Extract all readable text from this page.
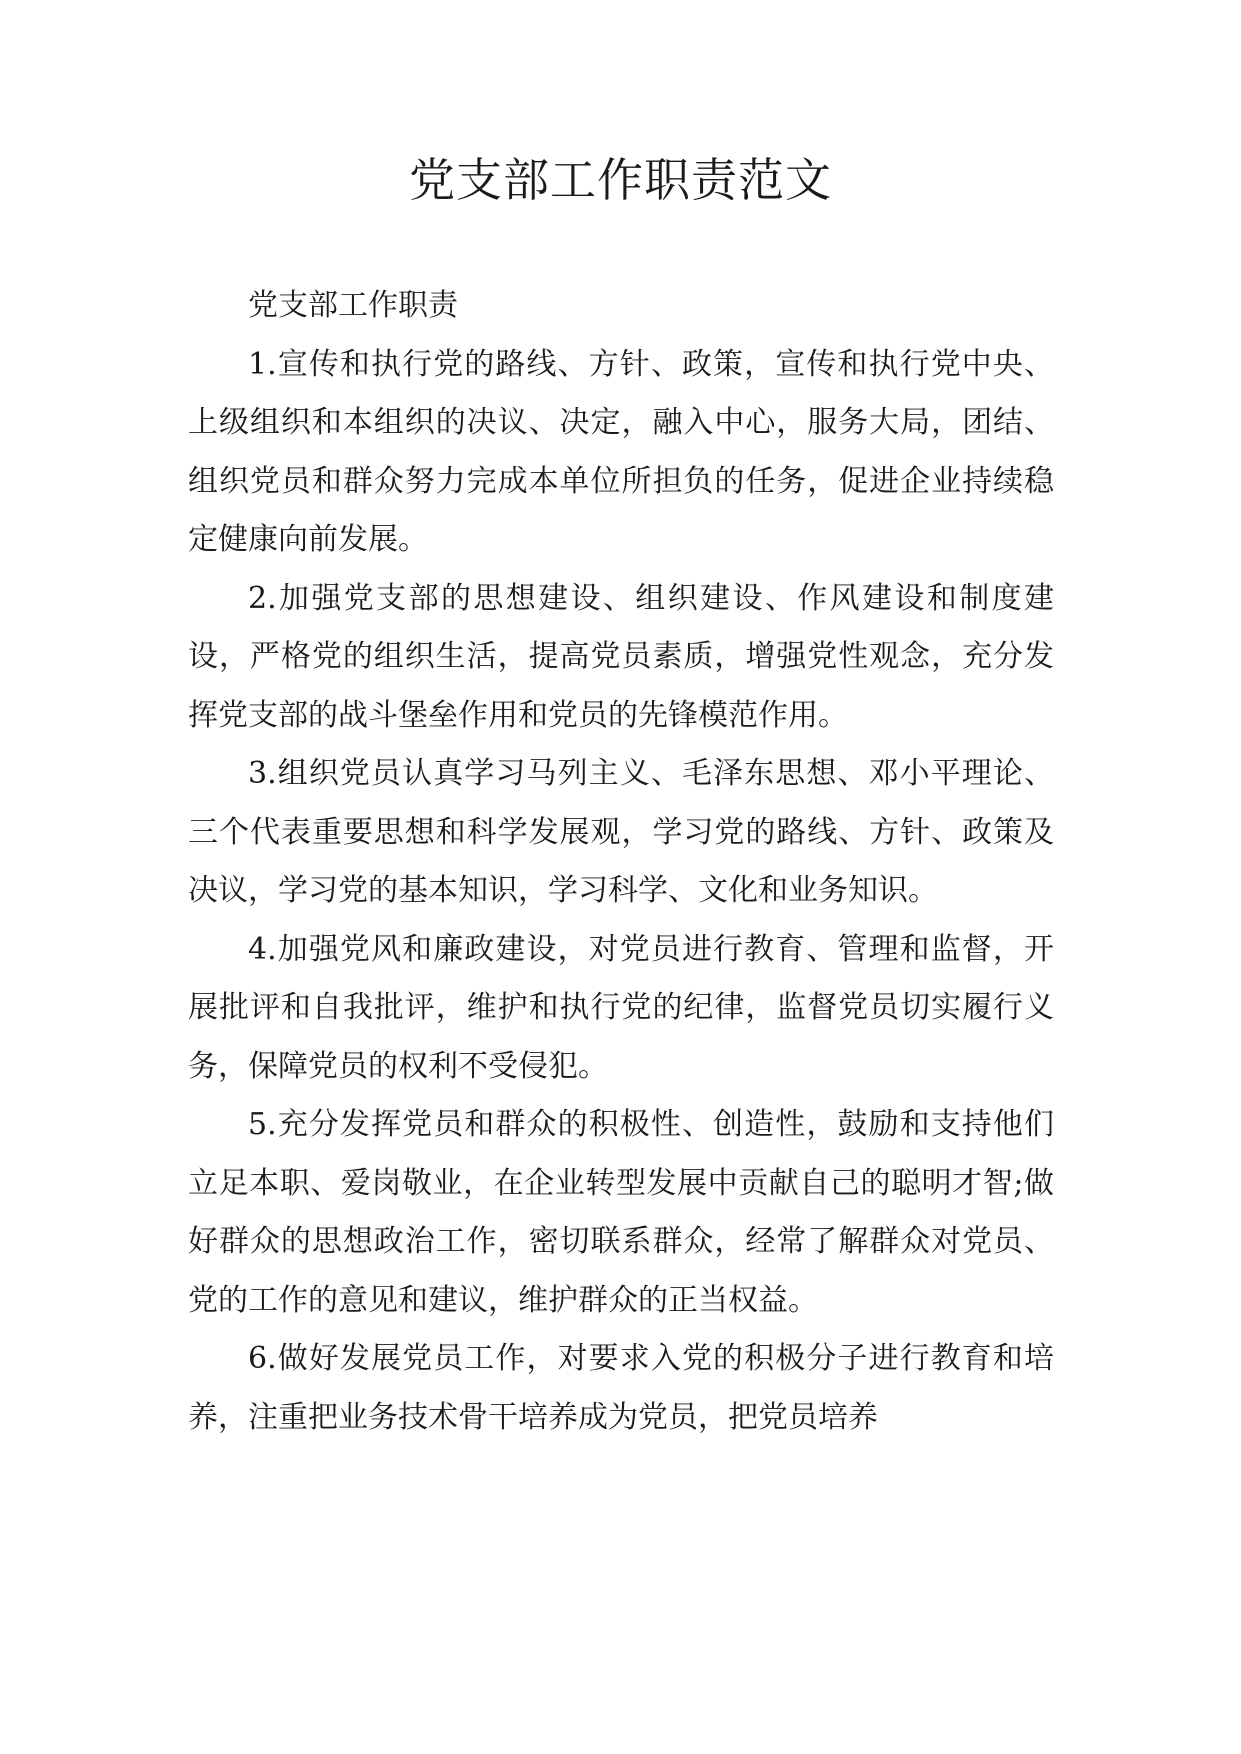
党支部工作职责范文

党支部工作职责

1.宣传和执行党的路线、方针、政策，宣传和执行党中央、上级组织和本组织的决议、决定，融入中心，服务大局，团结、组织党员和群众努力完成本单位所担负的任务，促进企业持续稳定健康向前发展。

2.加强党支部的思想建设、组织建设、作风建设和制度建设，严格党的组织生活，提高党员素质，增强党性观念，充分发挥党支部的战斗堡垒作用和党员的先锋模范作用。

3.组织党员认真学习马列主义、毛泽东思想、邓小平理论、三个代表重要思想和科学发展观，学习党的路线、方针、政策及决议，学习党的基本知识，学习科学、文化和业务知识。

4.加强党风和廉政建设，对党员进行教育、管理和监督，开展批评和自我批评，维护和执行党的纪律，监督党员切实履行义务，保障党员的权利不受侵犯。

5.充分发挥党员和群众的积极性、创造性，鼓励和支持他们立足本职、爱岗敬业，在企业转型发展中贡献自己的聪明才智;做好群众的思想政治工作，密切联系群众，经常了解群众对党员、党的工作的意见和建议，维护群众的正当权益。

6.做好发展党员工作，对要求入党的积极分子进行教育和培养，注重把业务技术骨干培养成为党员，把党员培养
